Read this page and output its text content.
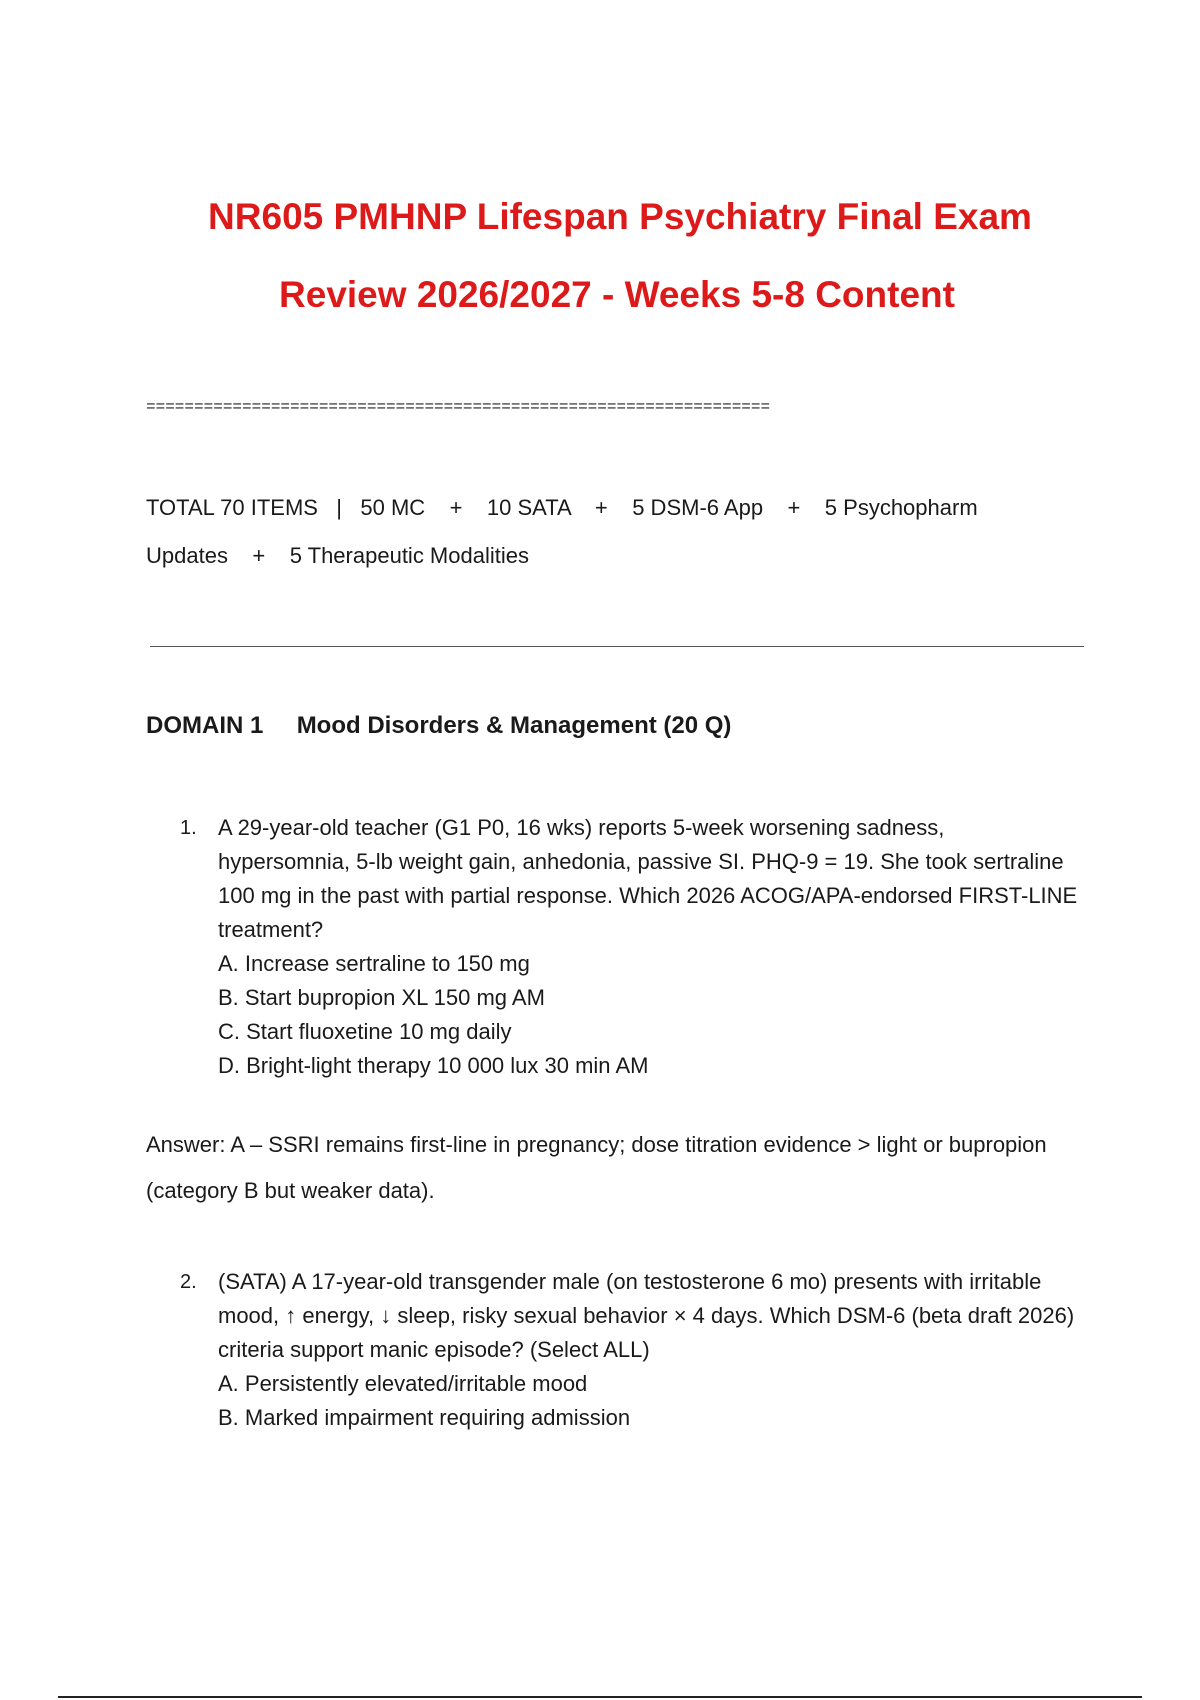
NR605 PMHNP Lifespan Psychiatry Final Exam
Review 2026/2027 - Weeks 5-8 Content
=================================================================
TOTAL 70 ITEMS   |   50 MC    +    10 SATA    +    5 DSM-6 App    +    5 Psychopharm
Updates    +    5 Therapeutic Modalities
DOMAIN 1 Mood Disorders & Management (20 Q)
1. A 29-year-old teacher (G1 P0, 16 wks) reports 5-week worsening sadness, hypersomnia, 5-lb weight gain, anhedonia, passive SI. PHQ-9 = 19. She took sertraline 100 mg in the past with partial response. Which 2026 ACOG/APA-endorsed FIRST-LINE treatment?
A. Increase sertraline to 150 mg
B. Start bupropion XL 150 mg AM
C. Start fluoxetine 10 mg daily
D. Bright-light therapy 10 000 lux 30 min AM
Answer: A – SSRI remains first-line in pregnancy; dose titration evidence > light or bupropion (category B but weaker data).
2. (SATA) A 17-year-old transgender male (on testosterone 6 mo) presents with irritable mood, ↑ energy, ↓ sleep, risky sexual behavior × 4 days. Which DSM-6 (beta draft 2026) criteria support manic episode? (Select ALL)
A. Persistently elevated/irritable mood
B. Marked impairment requiring admission
